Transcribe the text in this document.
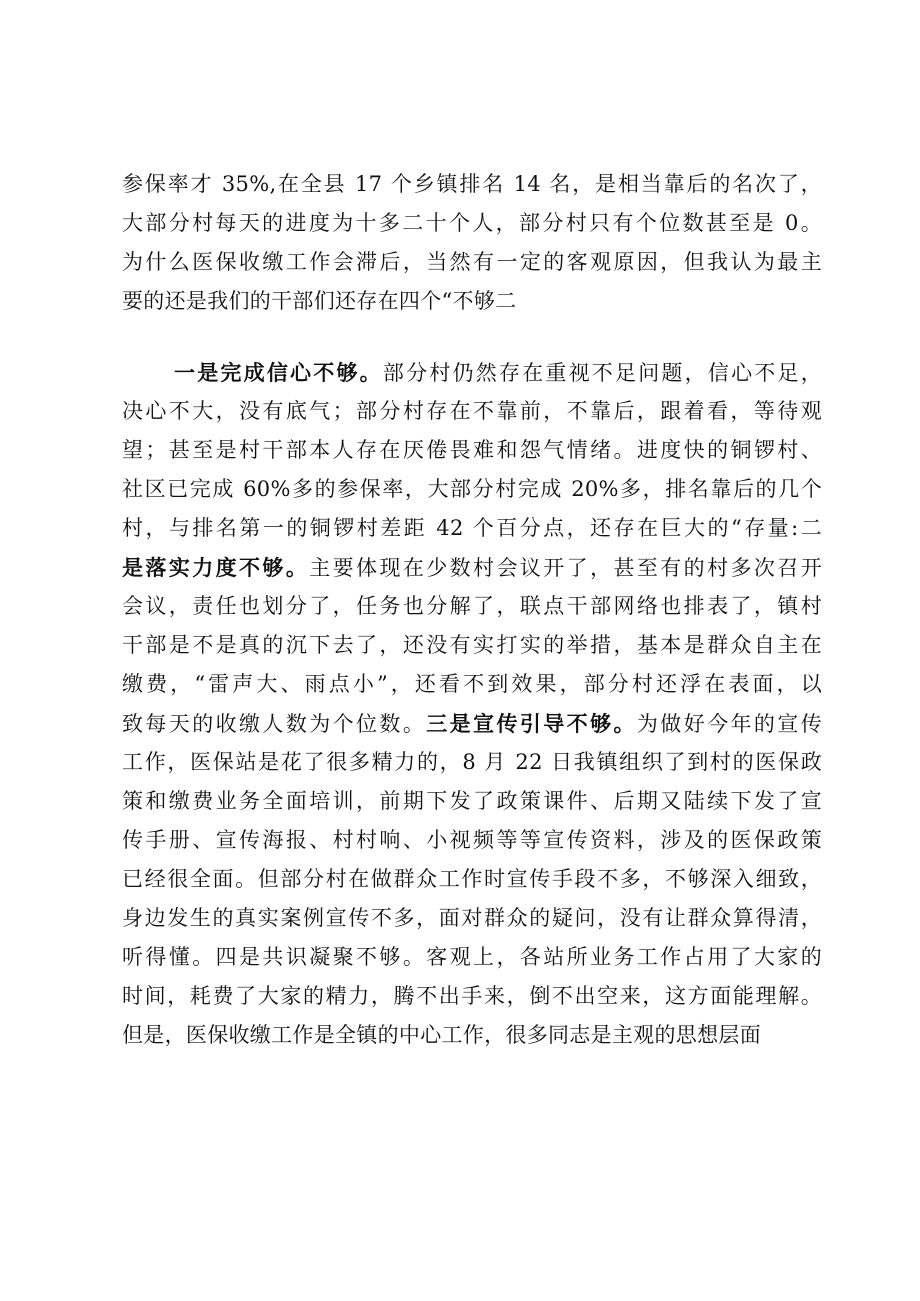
参保率才 35%,在全县 17 个乡镇排名 14 名，是相当靠后的名次了，
大部分村每天的进度为十多二十个人，部分村只有个位数甚至是 0。
为什么医保收缴工作会滞后，当然有一定的客观原因，但我认为最主
要的还是我们的干部们还存在四个“不够二
一是完成信心不够。部分村仍然存在重视不足问题，信心不足，
决心不大，没有底气；部分村存在不靠前，不靠后，跟着看，等待观
望；甚至是村干部本人存在厌倦畏难和怨气情绪。进度快的铜锣村、
社区已完成 60%多的参保率，大部分村完成 20%多，排名靠后的几个
村，与排名第一的铜锣村差距 42 个百分点，还存在巨大的“存量:二
是落实力度不够。主要体现在少数村会议开了，甚至有的村多次召开
会议，责任也划分了，任务也分解了，联点干部网络也排表了，镇村
干部是不是真的沉下去了，还没有实打实的举措，基本是群众自主在
缴费，“雷声大、雨点小”，还看不到效果，部分村还浮在表面，以
致每天的收缴人数为个位数。三是宣传引导不够。为做好今年的宣传
工作，医保站是花了很多精力的，8 月 22 日我镇组织了到村的医保政
策和缴费业务全面培训，前期下发了政策课件、后期又陆续下发了宣
传手册、宣传海报、村村响、小视频等等宣传资料，涉及的医保政策
已经很全面。但部分村在做群众工作时宣传手段不多，不够深入细致，
身边发生的真实案例宣传不多，面对群众的疑问，没有让群众算得清，
听得懂。四是共识凝聚不够。客观上，各站所业务工作占用了大家的
时间，耗费了大家的精力，腾不出手来，倒不出空来，这方面能理解。
但是，医保收缴工作是全镇的中心工作，很多同志是主观的思想层面
